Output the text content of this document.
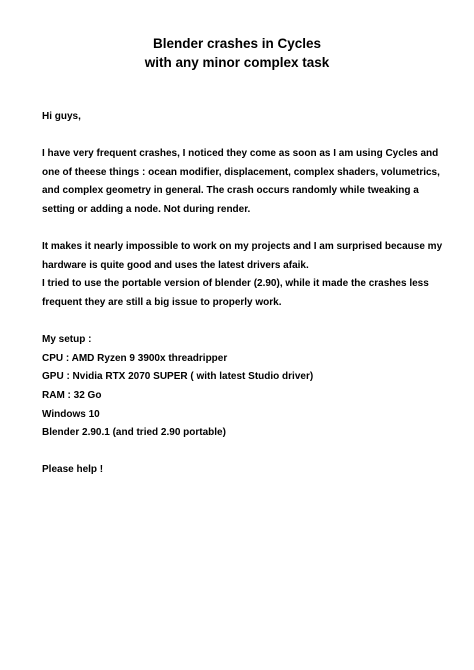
Blender crashes in Cycles
with any minor complex task

Hi guys,

I have very frequent crashes, I noticed they come as soon as I am using Cycles and

one of theese things : ocean modifier, displacement, complex shaders, volumetrics,

and complex geometry in general. The crash occurs randomly while tweaking a

setting or adding a node. Not during render.

It makes it nearly impossible to work on my projects and I am surprised because my

hardware is quite good and uses the latest drivers afaik.

I tried to use the portable version of blender (2.90), while it made the crashes less

frequent they are still a big issue to properly work.

My setup :

CPU : AMD Ryzen 9 3900x threadripper

GPU : Nvidia RTX 2070 SUPER ( with latest Studio driver)

RAM : 32 Go

Windows 10

Blender 2.90.1 (and tried 2.90 portable)

Please help !
